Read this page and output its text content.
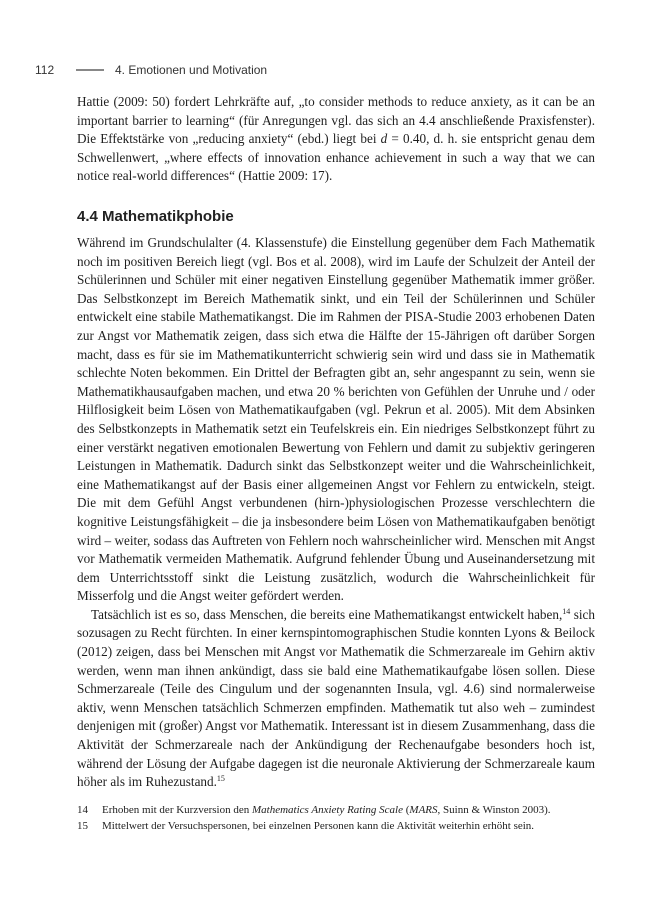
112	4. Emotionen und Motivation

Hattie (2009: 50) fordert Lehrkräfte auf, „to consider methods to reduce anxiety, as it can be an important barrier to learning“ (für Anregungen vgl. das sich an 4.4 anschließende Praxisfenster). Die Effektstärke von „reducing anxiety“ (ebd.) liegt bei d = 0.40, d. h. sie entspricht genau dem Schwellenwert, „where effects of innovation enhance achievement in such a way that we can notice real-world differences“ (Hattie 2009: 17).

4.4 Mathematikphobie

Während im Grundschulalter (4. Klassenstufe) die Einstellung gegenüber dem Fach Mathematik noch im positiven Bereich liegt (vgl. Bos et al. 2008), wird im Laufe der Schulzeit der Anteil der Schülerinnen und Schüler mit einer negativen Einstellung gegenüber Mathematik immer größer. Das Selbstkonzept im Bereich Mathematik sinkt, und ein Teil der Schülerinnen und Schüler entwickelt eine stabile Mathematikangst. Die im Rahmen der PISA-Studie 2003 erhobenen Daten zur Angst vor Mathematik zeigen, dass sich etwa die Hälfte der 15-Jährigen oft darüber Sorgen macht, dass es für sie im Mathematikunterricht schwierig sein wird und dass sie in Mathematik schlechte Noten bekommen. Ein Drittel der Befragten gibt an, sehr angespannt zu sein, wenn sie Mathematikhausaufgaben machen, und etwa 20 % berichten von Gefühlen der Unruhe und / oder Hilflosigkeit beim Lösen von Mathematikaufgaben (vgl. Pekrun et al. 2005). Mit dem Absinken des Selbstkonzepts in Mathematik setzt ein Teufelskreis ein. Ein niedriges Selbstkonzept führt zu einer verstärkt negativen emotionalen Bewertung von Fehlern und damit zu subjektiv geringeren Leistungen in Mathematik. Dadurch sinkt das Selbstkonzept weiter und die Wahrscheinlichkeit, eine Mathematikangst auf der Basis einer allgemeinen Angst vor Fehlern zu entwickeln, steigt. Die mit dem Gefühl Angst verbundenen (hirn-)physiologischen Prozesse verschlechtern die kognitive Leistungsfähigkeit – die ja insbesondere beim Lösen von Mathematikaufgaben benötigt wird – weiter, sodass das Auftreten von Fehlern noch wahrscheinlicher wird. Menschen mit Angst vor Mathematik vermeiden Mathematik. Aufgrund fehlender Übung und Auseinandersetzung mit dem Unterrichtsstoff sinkt die Leistung zusätzlich, wodurch die Wahrscheinlichkeit für Misserfolg und die Angst weiter gefördert werden.

Tatsächlich ist es so, dass Menschen, die bereits eine Mathematikangst entwickelt haben,$^{14}$ sich sozusagen zu Recht fürchten. In einer kernspintomographischen Studie konnten Lyons & Beilock (2012) zeigen, dass bei Menschen mit Angst vor Mathematik die Schmerzareale im Gehirn aktiv werden, wenn man ihnen ankündigt, dass sie bald eine Mathematikaufgabe lösen sollen. Diese Schmerzareale (Teile des Cingulum und der sogenannten Insula, vgl. 4.6) sind normalerweise aktiv, wenn Menschen tatsächlich Schmerzen empfinden. Mathematik tut also weh – zumindest denjenigen mit (großer) Angst vor Mathematik. Interessant ist in diesem Zusammenhang, dass die Aktivität der Schmerzareale nach der Ankündigung der Rechenaufgabe besonders hoch ist, während der Lösung der Aufgabe dagegen ist die neuronale Aktivierung der Schmerzareale kaum höher als im Ruhezustand.$^{15}$

14 Erhoben mit der Kurzversion den Mathematics Anxiety Rating Scale (MARS, Suinn & Winston 2003).
15 Mittelwert der Versuchspersonen, bei einzelnen Personen kann die Aktivität weiterhin erhöht sein.
